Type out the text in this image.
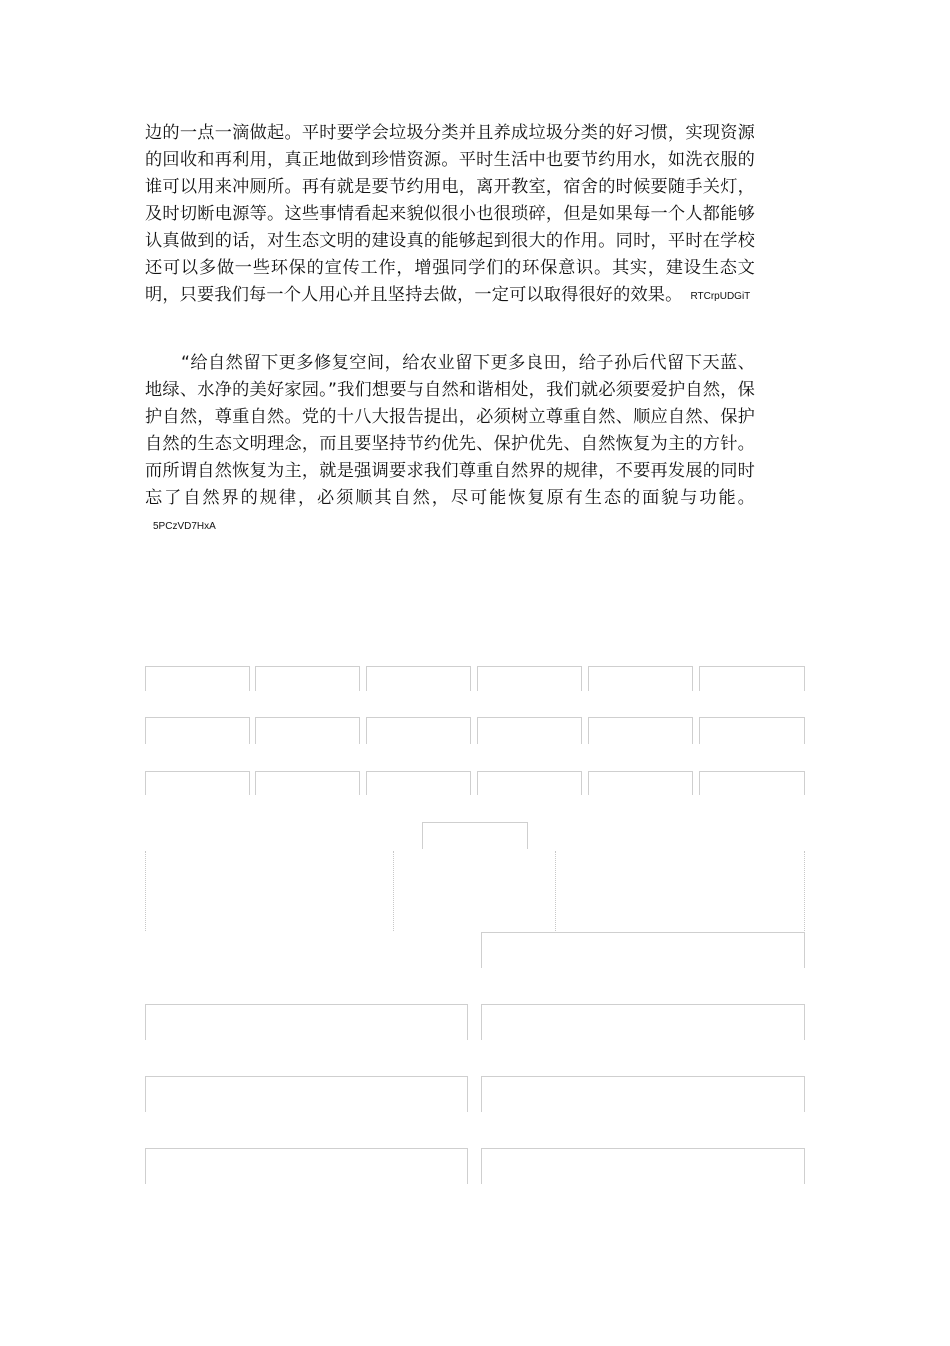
边的一点一滴做起。平时要学会垃圾分类并且养成垃圾分类的好习惯，实现资源的回收和再利用，真正地做到珍惜资源。平时生活中也要节约用水，如洗衣服的谁可以用来冲厕所。再有就是要节约用电，离开教室，宿舍的时候要随手关灯，及时切断电源等。这些事情看起来貌似很小也很琐碎，但是如果每一个人都能够认真做到的话，对生态文明的建设真的能够起到很大的作用。同时，平时在学校还可以多做一些环保的宣传工作，增强同学们的环保意识。其实，建设生态文明，只要我们每一个人用心并且坚持去做，一定可以取得很好的效果。 RTCrpUDGiT
“给自然留下更多修复空间，给农业留下更多良田，给子孙后代留下天蓝、地绿、水净的美好家园。”我们想要与自然和谐相处，我们就必须要爱护自然，保护自然，尊重自然。党的十八大报告提出，必须树立尊重自然、顺应自然、保护自然的生态文明理念，而且要坚持节约优先、保护优先、自然恢复为主的方针。而所谓自然恢复为主，就是强调要求我们尊重自然界的规律，不要再发展的同时忘了自然界的规律，必须顺其自然，尽可能恢复原有生态的面貌与功能。5PCzVD7HxA
